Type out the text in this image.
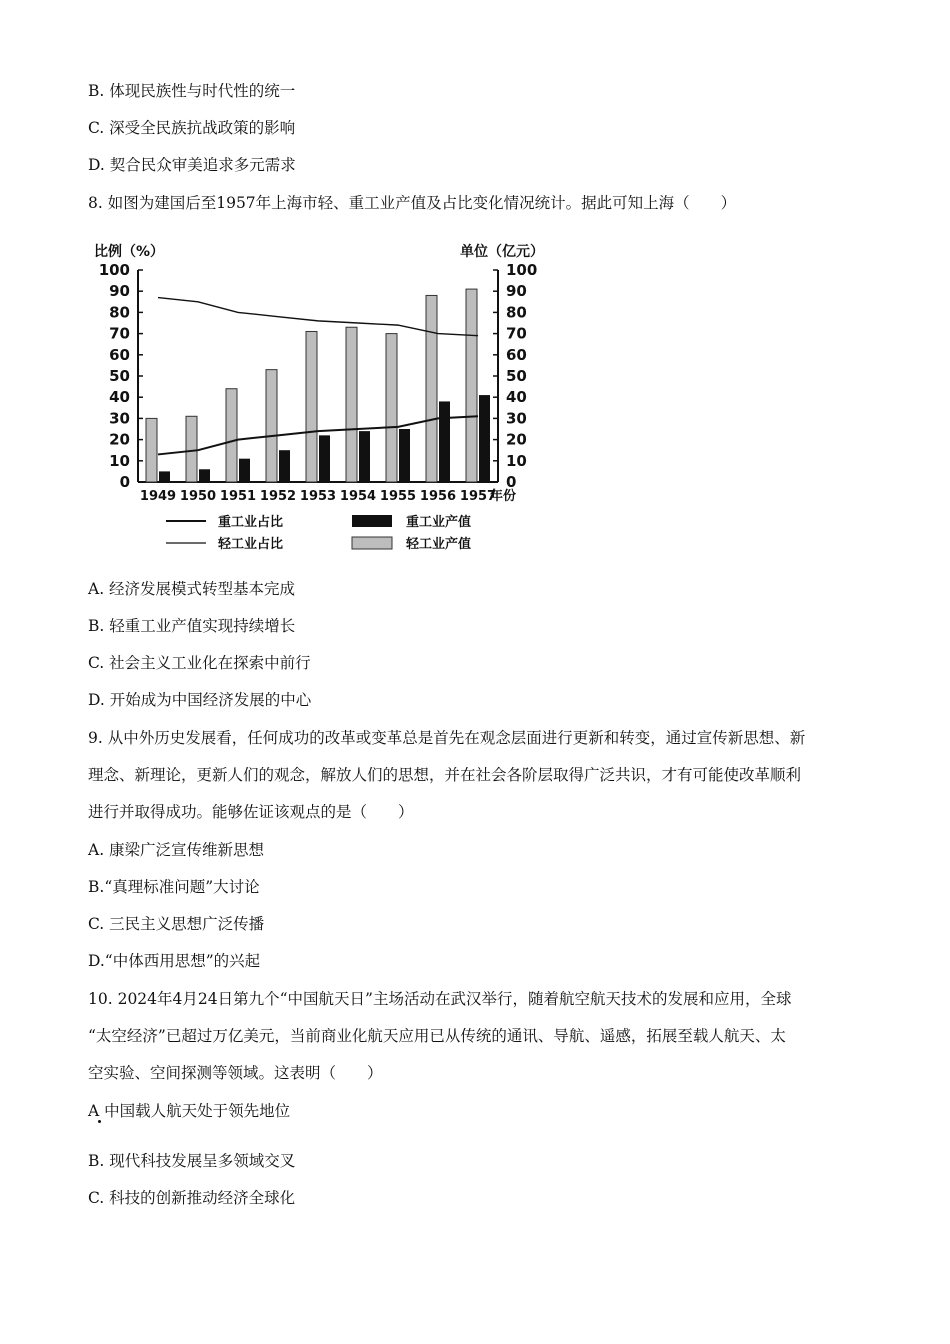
B. 体现民族性与时代性的统一
C. 深受全民族抗战政策的影响
D. 契合民众审美追求多元需求
8. 如图为建国后至1957年上海市轻、重工业产值及占比变化情况统计。据此可知上海（　　）
比例（%）	单位（亿元）
0	0
10	10
20	20
30	30
40	40
50	50
60	60
70	70
80	80
90	90
100	100
1949 1950 1951 1952 1953 1954 1955 1956 1957
年份
重工业占比	重工业产值
轻工业占比	轻工业产值
A. 经济发展模式转型基本完成
B. 轻重工业产值实现持续增长
C. 社会主义工业化在探索中前行
D. 开始成为中国经济发展的中心
9. 从中外历史发展看，任何成功的改革或变革总是首先在观念层面进行更新和转变，通过宣传新思想、新
理念、新理论，更新人们的观念，解放人们的思想，并在社会各阶层取得广泛共识，才有可能使改革顺利
进行并取得成功。能够佐证该观点的是（　　）
A. 康梁广泛宣传维新思想
B.“真理标准问题”大讨论
C. 三民主义思想广泛传播
D.“中体西用思想”的兴起
10. 2024年4月24日第九个“中国航天日”主场活动在武汉举行，随着航空航天技术的发展和应用，全球
“太空经济”已超过万亿美元，当前商业化航天应用已从传统的通讯、导航、遥感，拓展至载人航天、太
空实验、空间探测等领域。这表明（　　）
A 中国载人航天处于领先地位
B. 现代科技发展呈多领域交叉
C. 科技的创新推动经济全球化
